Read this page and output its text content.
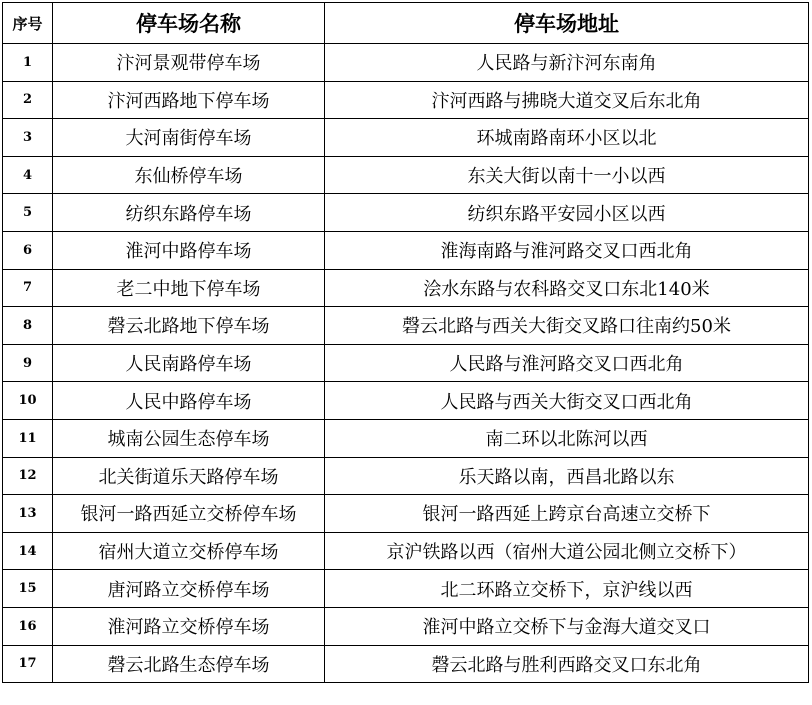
序号	停车场名称	停车场地址
1	汴河景观带停车场	人民路与新汴河东南角
2	汴河西路地下停车场	汴河西路与拂晓大道交叉后东北角
3	大河南街停车场	环城南路南环小区以北
4	东仙桥停车场	东关大街以南十一小以西
5	纺织东路停车场	纺织东路平安园小区以西
6	淮河中路停车场	淮海南路与淮河路交叉口西北角
7	老二中地下停车场	浍水东路与农科路交叉口东北140米
8	磬云北路地下停车场	磬云北路与西关大街交叉路口往南约50米
9	人民南路停车场	人民路与淮河路交叉口西北角
10	人民中路停车场	人民路与西关大街交叉口西北角
11	城南公园生态停车场	南二环以北陈河以西
12	北关街道乐天路停车场	乐天路以南，西昌北路以东
13	银河一路西延立交桥停车场	银河一路西延上跨京台高速立交桥下
14	宿州大道立交桥停车场	京沪铁路以西（宿州大道公园北侧立交桥下）
15	唐河路立交桥停车场	北二环路立交桥下，京沪线以西
16	淮河路立交桥停车场	淮河中路立交桥下与金海大道交叉口
17	磬云北路生态停车场	磬云北路与胜利西路交叉口东北角
